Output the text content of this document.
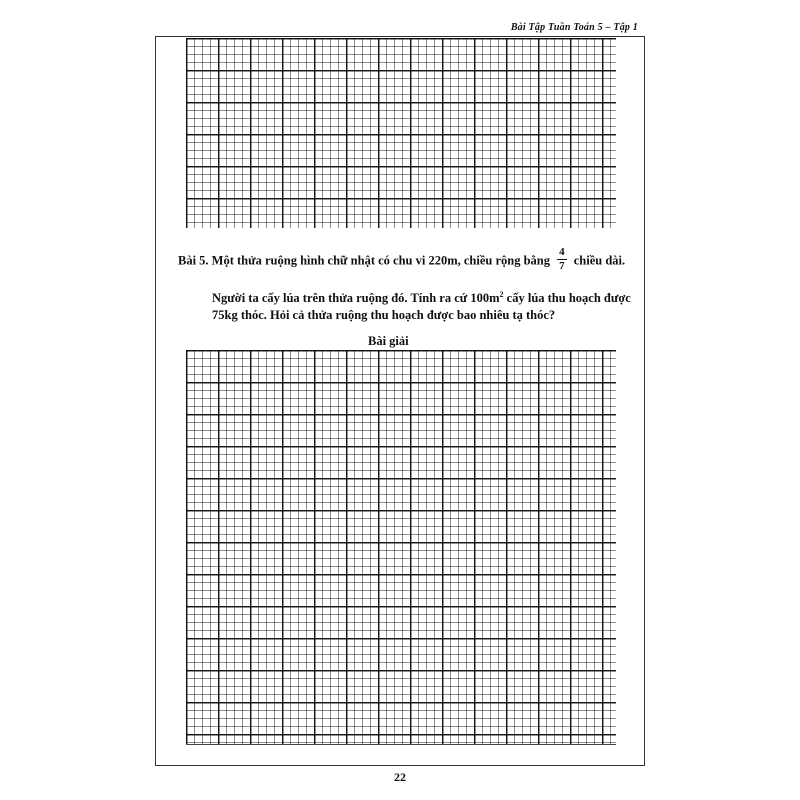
Bài Tập Tuần Toán 5 – Tập 1
Bài 5. Một thửa ruộng hình chữ nhật có chu vi 220m, chiều rộng bằng $\frac{4}{7}$ chiều dài.
Người ta cấy lúa trên thửa ruộng đó. Tính ra cứ $100m^2$ cấy lúa thu hoạch được
75kg thóc. Hỏi cả thửa ruộng thu hoạch được bao nhiêu tạ thóc?
Bài giải
22
